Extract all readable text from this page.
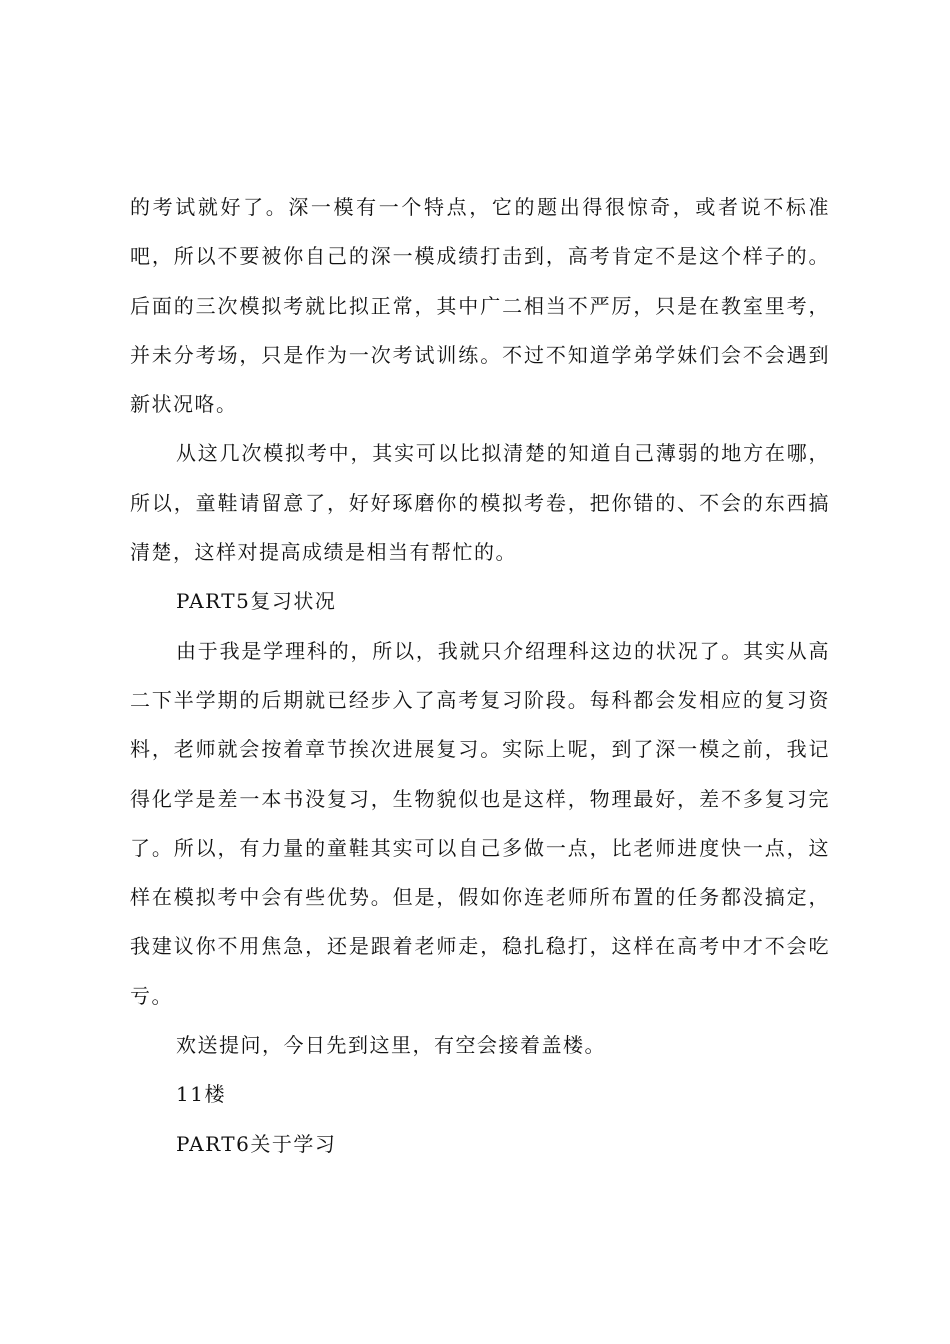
的考试就好了。深一模有一个特点，它的题出得很惊奇，或者说不标准吧，所以不要被你自己的深一模成绩打击到，高考肯定不是这个样子的。后面的三次模拟考就比拟正常，其中广二相当不严厉，只是在教室里考，并未分考场，只是作为一次考试训练。不过不知道学弟学妹们会不会遇到新状况咯。

从这几次模拟考中，其实可以比拟清楚的知道自己薄弱的地方在哪，所以，童鞋请留意了，好好琢磨你的模拟考卷，把你错的、不会的东西搞清楚，这样对提高成绩是相当有帮忙的。

PART5复习状况

由于我是学理科的，所以，我就只介绍理科这边的状况了。其实从高二下半学期的后期就已经步入了高考复习阶段。每科都会发相应的复习资料，老师就会按着章节挨次进展复习。实际上呢，到了深一模之前，我记得化学是差一本书没复习，生物貌似也是这样，物理最好，差不多复习完了。所以，有力量的童鞋其实可以自己多做一点，比老师进度快一点，这样在模拟考中会有些优势。但是，假如你连老师所布置的任务都没搞定，我建议你不用焦急，还是跟着老师走，稳扎稳打，这样在高考中才不会吃亏。

欢送提问，今日先到这里，有空会接着盖楼。

11楼

PART6关于学习
